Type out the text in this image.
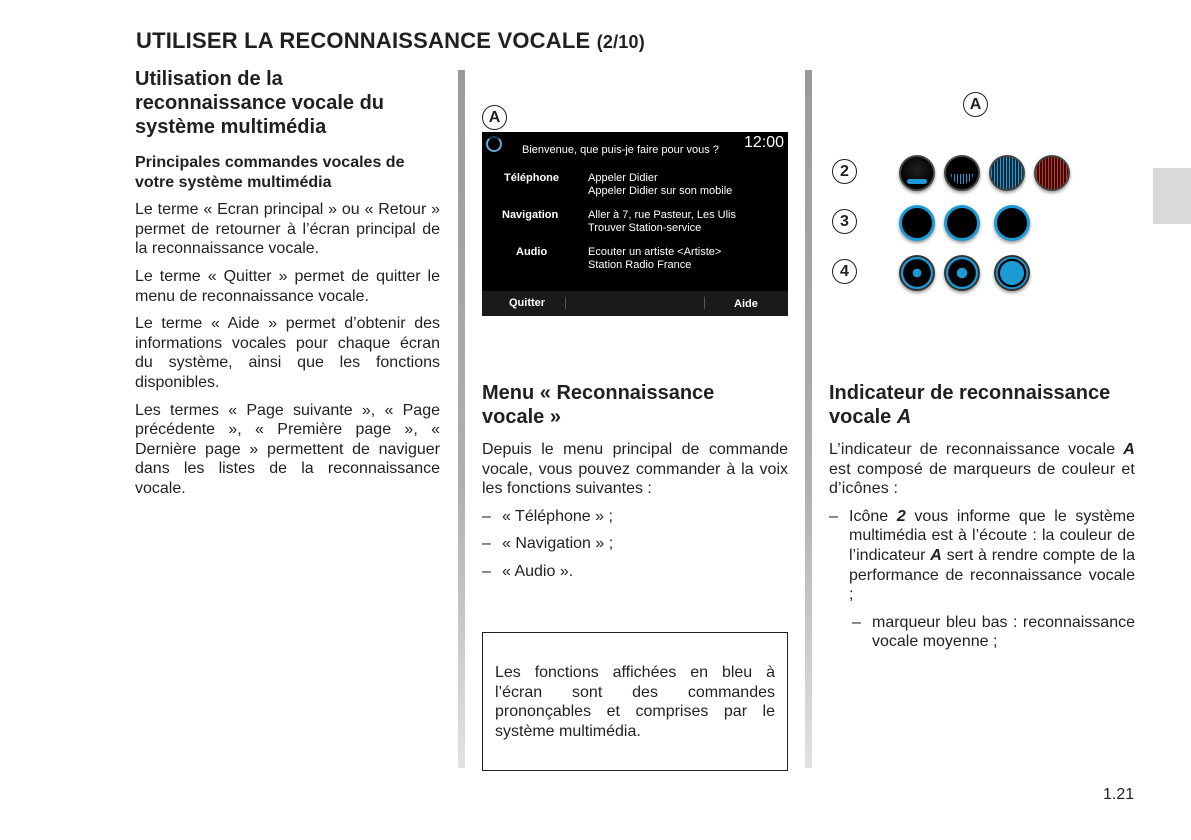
UTILISER LA RECONNAISSANCE VOCALE (2/10)
Utilisation de la reconnaissance vocale du système multimédia
Principales commandes vocales de votre système multimédia

Le terme « Ecran principal » ou « Retour » permet de retourner à l’écran principal de la reconnaissance vocale.

Le terme « Quitter » permet de quitter le menu de reconnaissance vocale.

Le terme « Aide » permet d’obtenir des informations vocales pour chaque écran du système, ainsi que les fonctions disponibles.

Les termes « Page suivante », « Page précédente », « Première page », « Dernière page » permettent de naviguer dans les listes de la reconnaissance vocale.

A
Bienvenue, que puis-je faire pour vous ? 12:00
Téléphone	Appeler Didier
Appeler Didier sur son mobile
Navigation	Aller à 7, rue Pasteur, Les Ulis
Trouver Station-service
Audio	Ecouter un artiste <Artiste>
Station Radio France
Quitter	Aide
Menu « Reconnaissance vocale »

Depuis le menu principal de commande vocale, vous pouvez commander à la voix les fonctions suivantes :

– « Téléphone » ;
– « Navigation » ;
– « Audio ».

Les fonctions affichées en bleu à l’écran sont des commandes prononçables et comprises par le système multimédia.

A
2
3
4
Indicateur de reconnaissance vocale A

L’indicateur de reconnaissance vocale A est composé de marqueurs de couleur et d’icônes :

– Icône 2 vous informe que le système multimédia est à l’écoute : la couleur de l’indicateur A sert à rendre compte de la performance de reconnaissance vocale ;
– marqueur bleu bas : reconnaissance vocale moyenne ;
1.21
